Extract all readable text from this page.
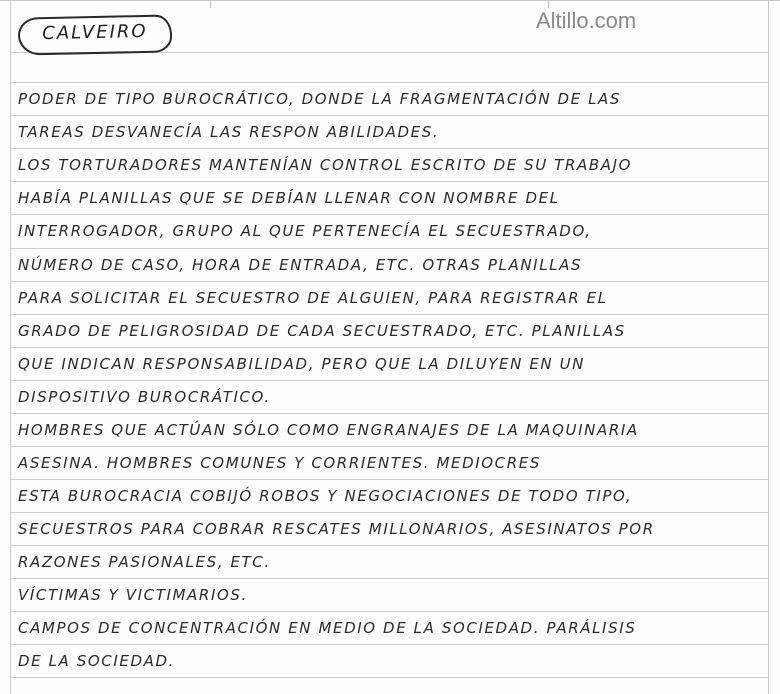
CALVEIRO	Altillo.com
PODER DE TIPO BUROCRÁTICO, DONDE LA FRAGMENTACIÓN DE LAS
TAREAS DESVANECÍA LAS RESPON ABILIDADES.
LOS TORTURADORES MANTENÍAN CONTROL ESCRITO DE SU TRABAJO
HABÍA PLANILLAS QUE SE DEBÍAN LLENAR CON NOMBRE DEL
INTERROGADOR, GRUPO AL QUE PERTENECÍA EL SECUESTRADO,
NÚMERO DE CASO, HORA DE ENTRADA, ETC. OTRAS PLANILLAS
PARA SOLICITAR EL SECUESTRO DE ALGUIEN, PARA REGISTRAR EL
GRADO DE PELIGROSIDAD DE CADA SECUESTRADO, ETC. PLANILLAS
QUE INDICAN RESPONSABILIDAD, PERO QUE LA DILUYEN EN UN
DISPOSITIVO BUROCRÁTICO.
HOMBRES QUE ACTÚAN SÓLO COMO ENGRANAJES DE LA MAQUINARIA
ASESINA. HOMBRES COMUNES Y CORRIENTES. MEDIOCRES
ESTA BUROCRACIA COBIJÓ ROBOS Y NEGOCIACIONES DE TODO TIPO,
SECUESTROS PARA COBRAR RESCATES MILLONARIOS, ASESINATOS POR
RAZONES PASIONALES, ETC.
VÍCTIMAS Y VICTIMARIOS.
CAMPOS DE CONCENTRACIÓN EN MEDIO DE LA SOCIEDAD. PARÁLISIS
DE LA SOCIEDAD.
